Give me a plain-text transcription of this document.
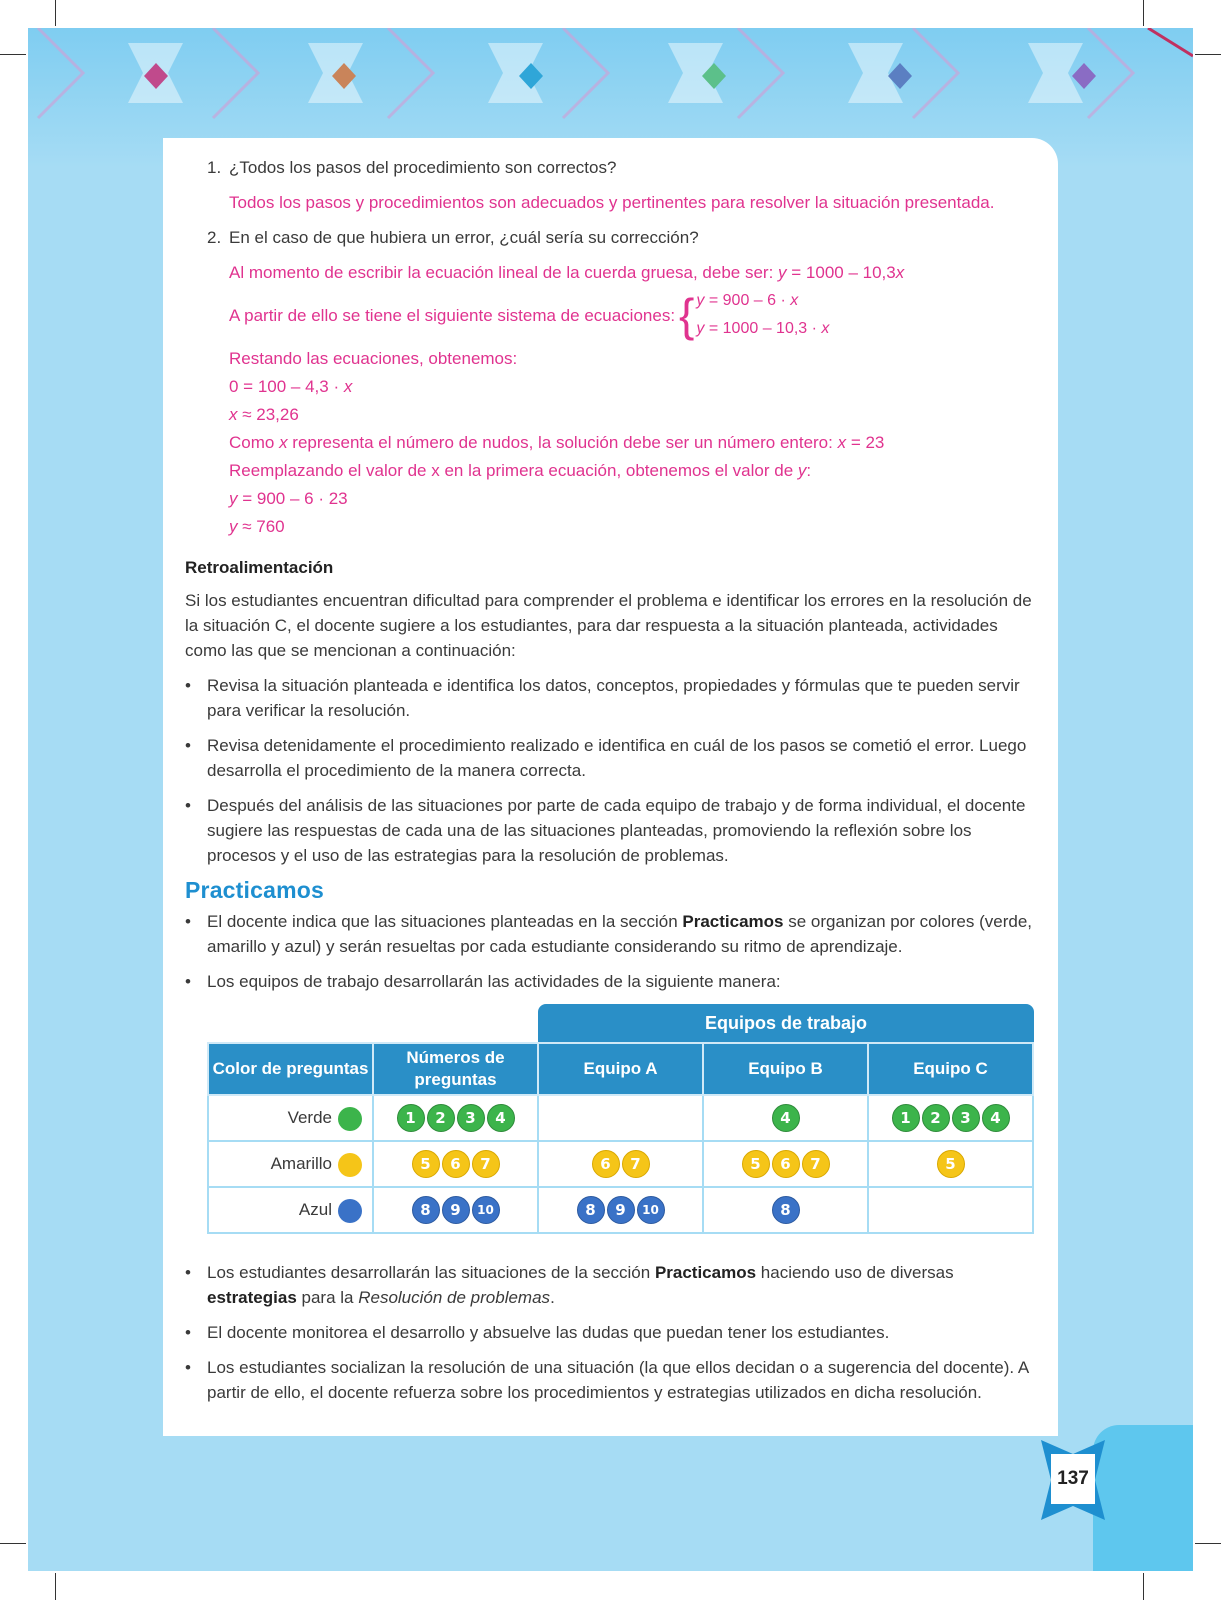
1. ¿Todos los pasos del procedimiento son correctos?

Todos los pasos y procedimientos son adecuados y pertinentes para resolver la situación presentada.

2. En el caso de que hubiera un error, ¿cuál sería su corrección?

Al momento de escribir la ecuación lineal de la cuerda gruesa, debe ser: y = 1000 – 10,3x

A partir de ello se tiene el siguiente sistema de ecuaciones: { y = 900 – 6 · x
y = 1000 – 10,3 · x
Restando las ecuaciones, obtenemos:
0 = 100 – 4,3 · x
x ≈ 23,26
Como x representa el número de nudos, la solución debe ser un número entero: x = 23
Reemplazando el valor de x en la primera ecuación, obtenemos el valor de y:
y = 900 – 6 · 23
y ≈ 760
Retroalimentación

Si los estudiantes encuentran dificultad para comprender el problema e identificar los errores en la resolución de la situación C, el docente sugiere a los estudiantes, para dar respuesta a la situación planteada, actividades como las que se mencionan a continuación:

• Revisa la situación planteada e identifica los datos, conceptos, propiedades y fórmulas que te pueden servir para verificar la resolución.
• Revisa detenidamente el procedimiento realizado e identifica en cuál de los pasos se cometió el error. Luego desarrolla el procedimiento de la manera correcta.
• Después del análisis de las situaciones por parte de cada equipo de trabajo y de forma individual, el docente sugiere las respuestas de cada una de las situaciones planteadas, promoviendo la reflexión sobre los procesos y el uso de las estrategias para la resolución de problemas.
Practicamos
• El docente indica que las situaciones planteadas en la sección Practicamos se organizan por colores (verde, amarillo y azul) y serán resueltas por cada estudiante considerando su ritmo de aprendizaje.
• Los equipos de trabajo desarrollarán las actividades de la siguiente manera:
Equipos de trabajo
Color de preguntas	Números de preguntas	Equipo A	Equipo B	Equipo C
Verde	1 2 3 4		4	1 2 3 4
Amarillo	5 6 7	6 7	5 6 7	5
Azul	8 9 10	8 9 10	8	
• Los estudiantes desarrollarán las situaciones de la sección Practicamos haciendo uso de diversas estrategias para la Resolución de problemas.
• El docente monitorea el desarrollo y absuelve las dudas que puedan tener los estudiantes.
• Los estudiantes socializan la resolución de una situación (la que ellos decidan o a sugerencia del docente). A partir de ello, el docente refuerza sobre los procedimientos y estrategias utilizados en dicha resolución.
137
